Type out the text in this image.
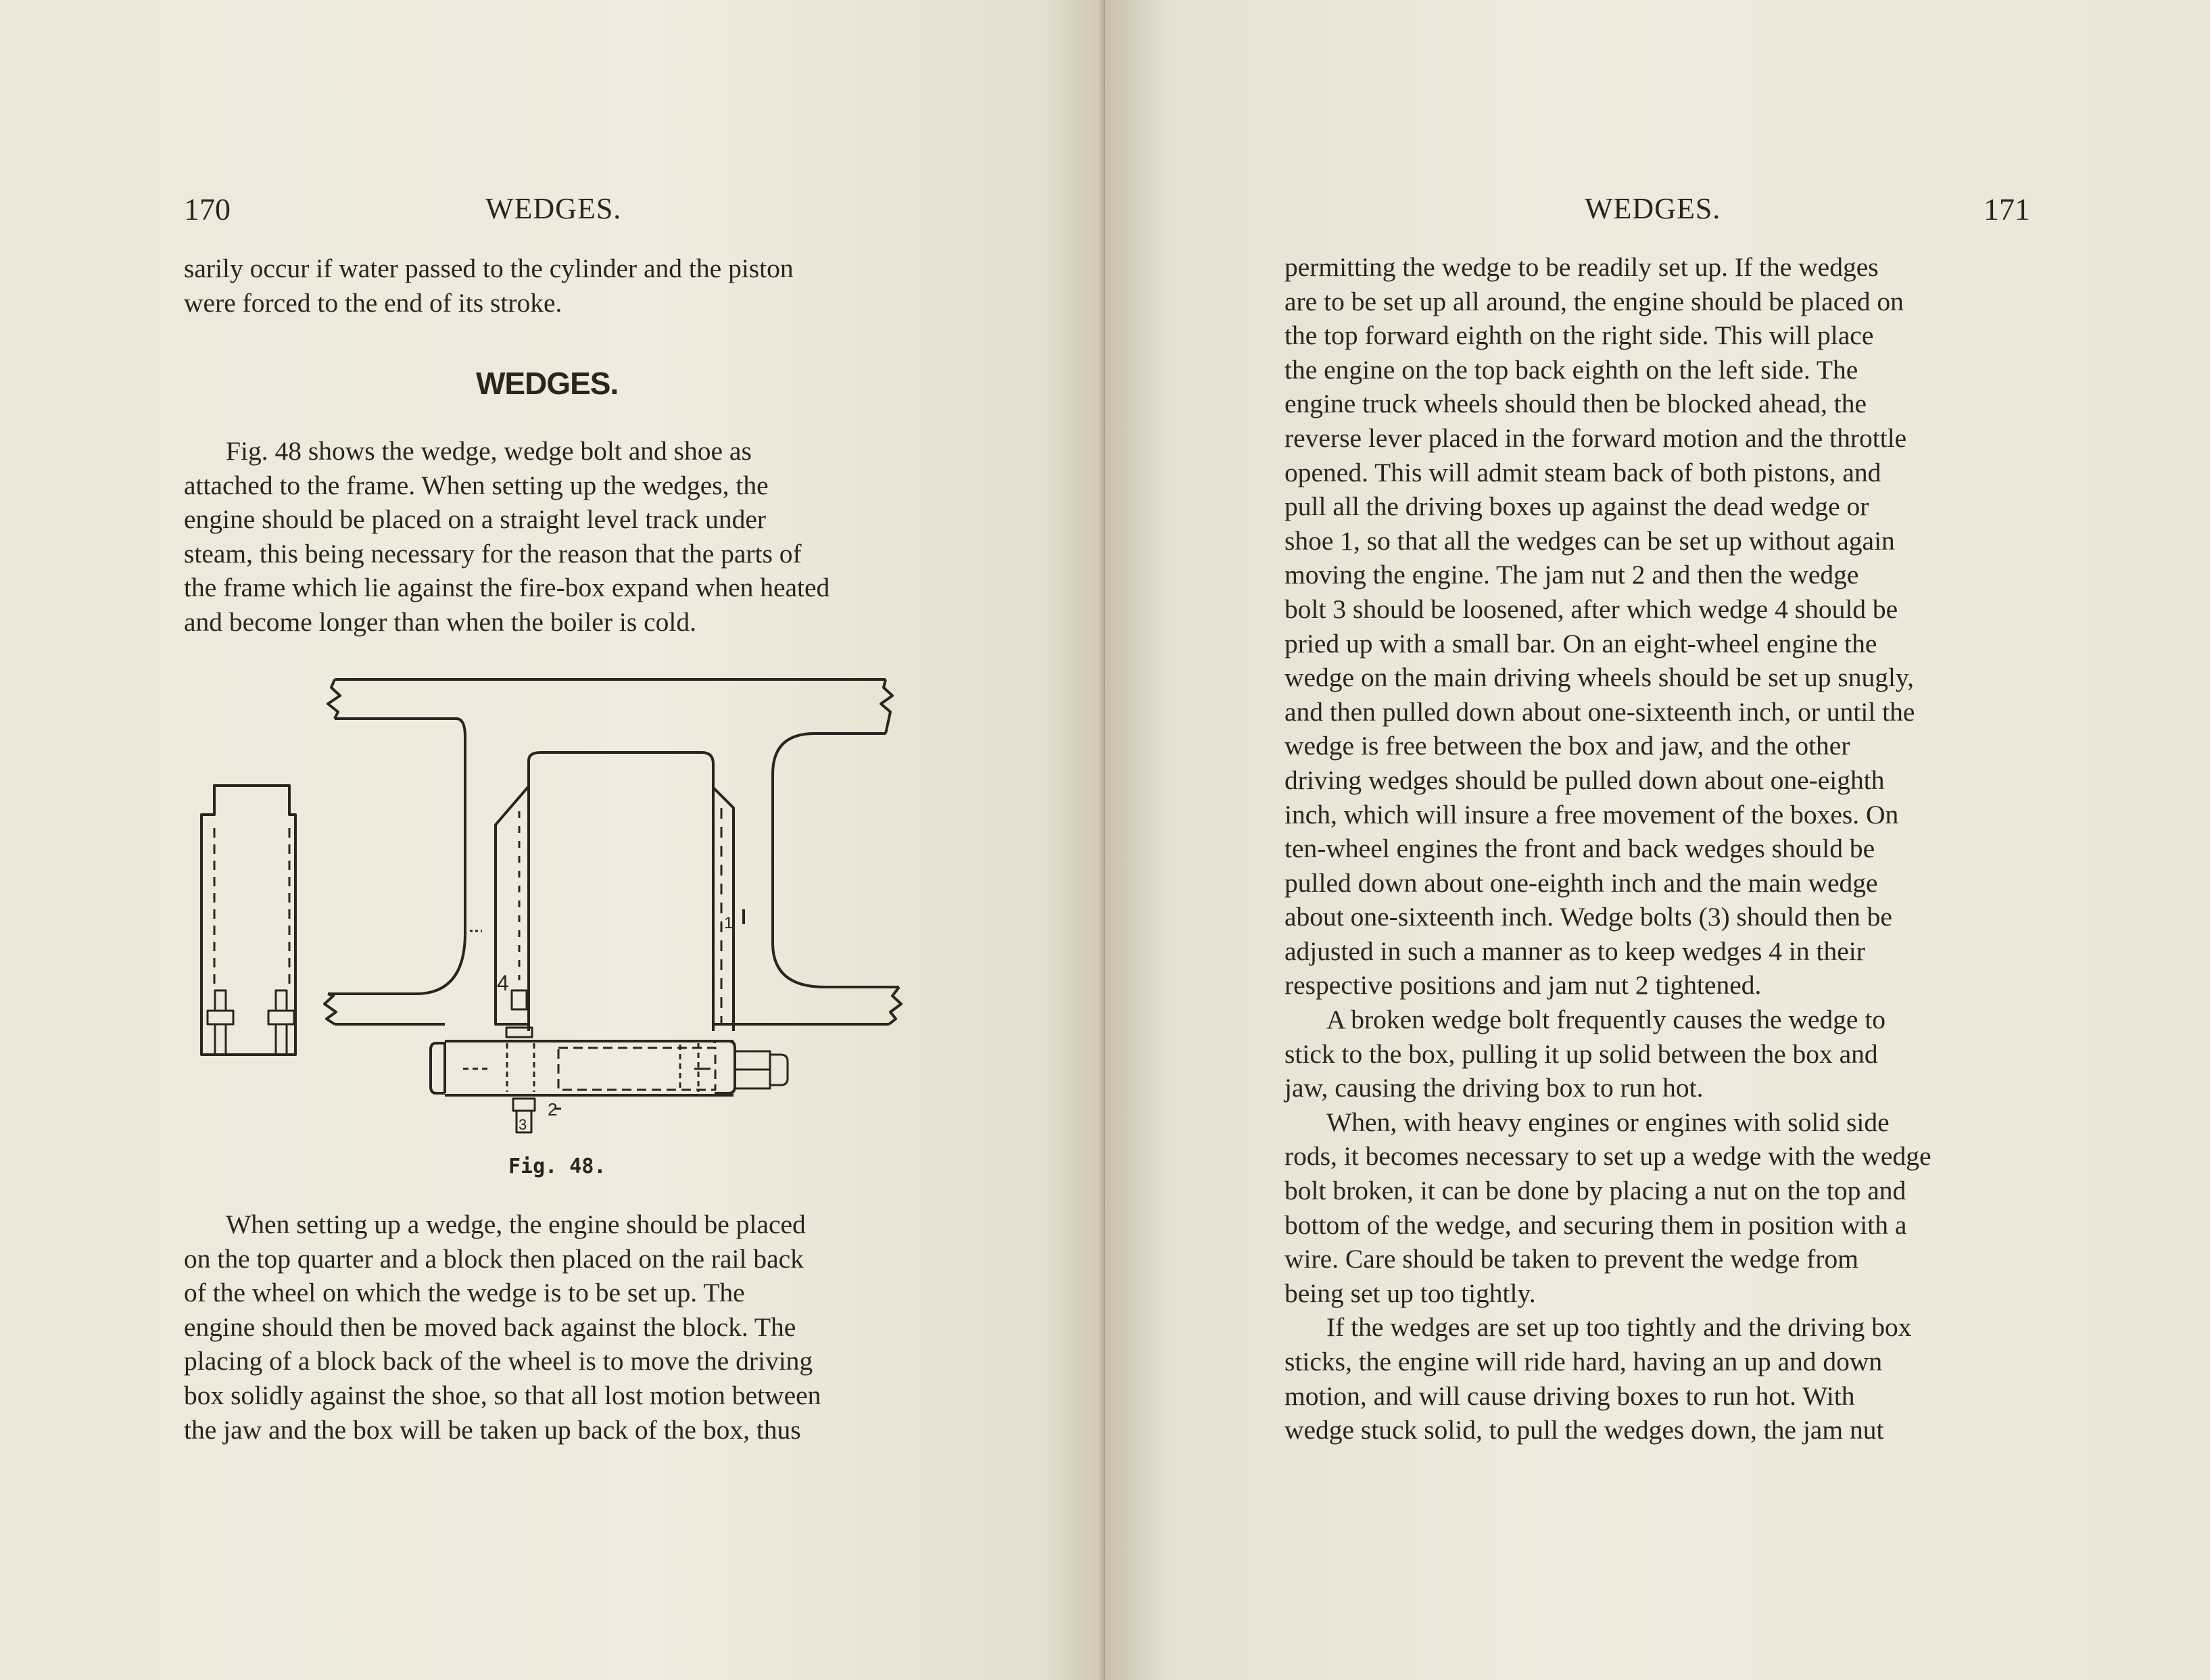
170	WEDGES.

sarily occur if water passed to the cylinder and the piston

were forced to the end of its stroke.

WEDGES.

Fig. 48 shows the wedge, wedge bolt and shoe as

attached to the frame. When setting up the wedges, the

engine should be placed on a straight level track under

steam, this being necessary for the reason that the parts of

the frame which lie against the fire-box expand when heated

and become longer than when the boiler is cold.

4
1
2
3
Fig. 48.

When setting up a wedge, the engine should be placed

on the top quarter and a block then placed on the rail back

of the wheel on which the wedge is to be set up. The

engine should then be moved back against the block. The

placing of a block back of the wheel is to move the driving

box solidly against the shoe, so that all lost motion between

the jaw and the box will be taken up back of the box, thus

WEDGES.	171

permitting the wedge to be readily set up. If the wedges

are to be set up all around, the engine should be placed on

the top forward eighth on the right side. This will place

the engine on the top back eighth on the left side. The

engine truck wheels should then be blocked ahead, the

reverse lever placed in the forward motion and the throttle

opened. This will admit steam back of both pistons, and

pull all the driving boxes up against the dead wedge or

shoe 1, so that all the wedges can be set up without again

moving the engine. The jam nut 2 and then the wedge

bolt 3 should be loosened, after which wedge 4 should be

pried up with a small bar. On an eight-wheel engine the

wedge on the main driving wheels should be set up snugly,

and then pulled down about one-sixteenth inch, or until the

wedge is free between the box and jaw, and the other

driving wedges should be pulled down about one-eighth

inch, which will insure a free movement of the boxes. On

ten-wheel engines the front and back wedges should be

pulled down about one-eighth inch and the main wedge

about one-sixteenth inch. Wedge bolts (3) should then be

adjusted in such a manner as to keep wedges 4 in their

respective positions and jam nut 2 tightened.

A broken wedge bolt frequently causes the wedge to

stick to the box, pulling it up solid between the box and

jaw, causing the driving box to run hot.

When, with heavy engines or engines with solid side

rods, it becomes necessary to set up a wedge with the wedge

bolt broken, it can be done by placing a nut on the top and

bottom of the wedge, and securing them in position with a

wire. Care should be taken to prevent the wedge from

being set up too tightly.

If the wedges are set up too tightly and the driving box

sticks, the engine will ride hard, having an up and down

motion, and will cause driving boxes to run hot. With

wedge stuck solid, to pull the wedges down, the jam nut
